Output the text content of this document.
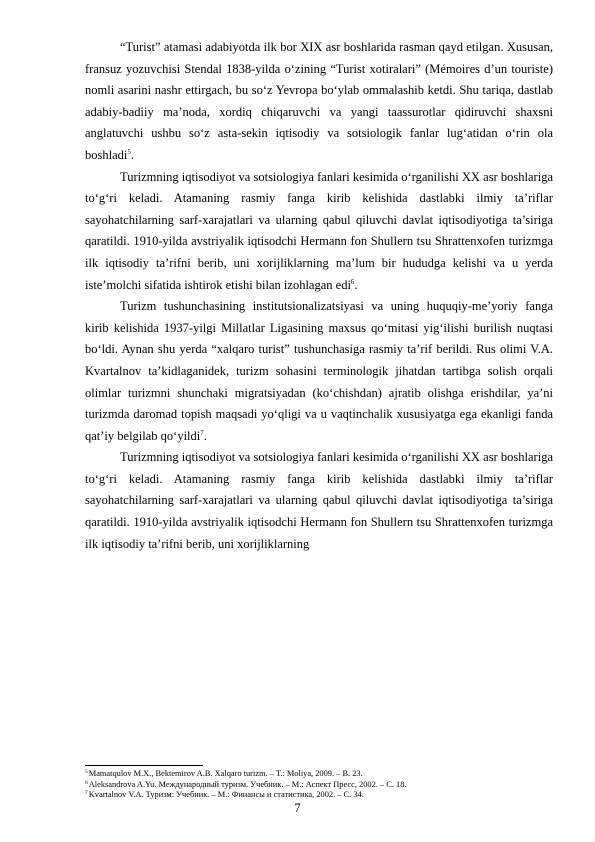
“Turist” atamasi adabiyotda ilk bor XIX asr boshlarida rasman qayd etilgan. Xususan, fransuz yozuvchisi Stendal 1838-yilda o‘zining “Turist xotiralari” (Mémoires d’un touriste) nomli asarini nashr ettirgach, bu so‘z Yevropa bo‘ylab ommalashib ketdi. Shu tariqa, dastlab adabiy-badiiy ma’noda, xordiq chiqaruvchi va yangi taassurotlar qidiruvchi shaxsni anglatuvchi ushbu so‘z asta-sekin iqtisodiy va sotsiologik fanlar lug‘atidan o‘rin ola boshladi$^5$.

Turizmning iqtisodiyot va sotsiologiya fanlari kesimida o‘rganilishi XX asr boshlariga to‘g‘ri keladi. Atamaning rasmiy fanga kirib kelishida dastlabki ilmiy ta’riflar sayohatchilarning sarf-xarajatlari va ularning qabul qiluvchi davlat iqtisodiyotiga ta’siriga qaratildi. 1910-yilda avstriyalik iqtisodchi Hermann fon Shullern tsu Shrattenxofen turizmga ilk iqtisodiy ta’rifni berib, uni xorijliklarning ma’lum bir hududga kelishi va u yerda iste’molchi sifatida ishtirok etishi bilan izohlagan edi$^6$.

Turizm tushunchasining institutsionalizatsiyasi va uning huquqiy-me’yoriy fanga kirib kelishida 1937-yilgi Millatlar Ligasining maxsus qo‘mitasi yig‘ilishi burilish nuqtasi bo‘ldi. Aynan shu yerda “xalqaro turist” tushunchasiga rasmiy ta’rif berildi. Rus olimi V.A. Kvartalnov ta’kidlaganidek, turizm sohasini terminologik jihatdan tartibga solish orqali olimlar turizmni shunchaki migratsiyadan (ko‘chishdan) ajratib olishga erishdilar, ya’ni turizmda daromad topish maqsadi yo‘qligi va u vaqtinchalik xususiyatga ega ekanligi fanda qat’iy belgilab qo‘yildi$^7$.

Turizmning iqtisodiyot va sotsiologiya fanlari kesimida o‘rganilishi XX asr boshlariga to‘g‘ri keladi. Atamaning rasmiy fanga kirib kelishida dastlabki ilmiy ta’riflar sayohatchilarning sarf-xarajatlari va ularning qabul qiluvchi davlat iqtisodiyotiga ta’siriga qaratildi. 1910-yilda avstriyalik iqtisodchi Hermann fon Shullern tsu Shrattenxofen turizmga ilk iqtisodiy ta’rifni berib, uni xorijliklarning

$^5$Mamatqulov M.X., Bektemirov A.B. Xalqaro turizm. – T.: Moliya, 2009. – B. 23.

$^6$Aleksandrova A.Yu. Международный туризм. Учебник. – М.: Аспект Пресс, 2002. – С. 18.

$^7$Kvartalnov V.A. Туризм: Учебник. – М.: Финансы и статистика, 2002. – С. 34.

7
